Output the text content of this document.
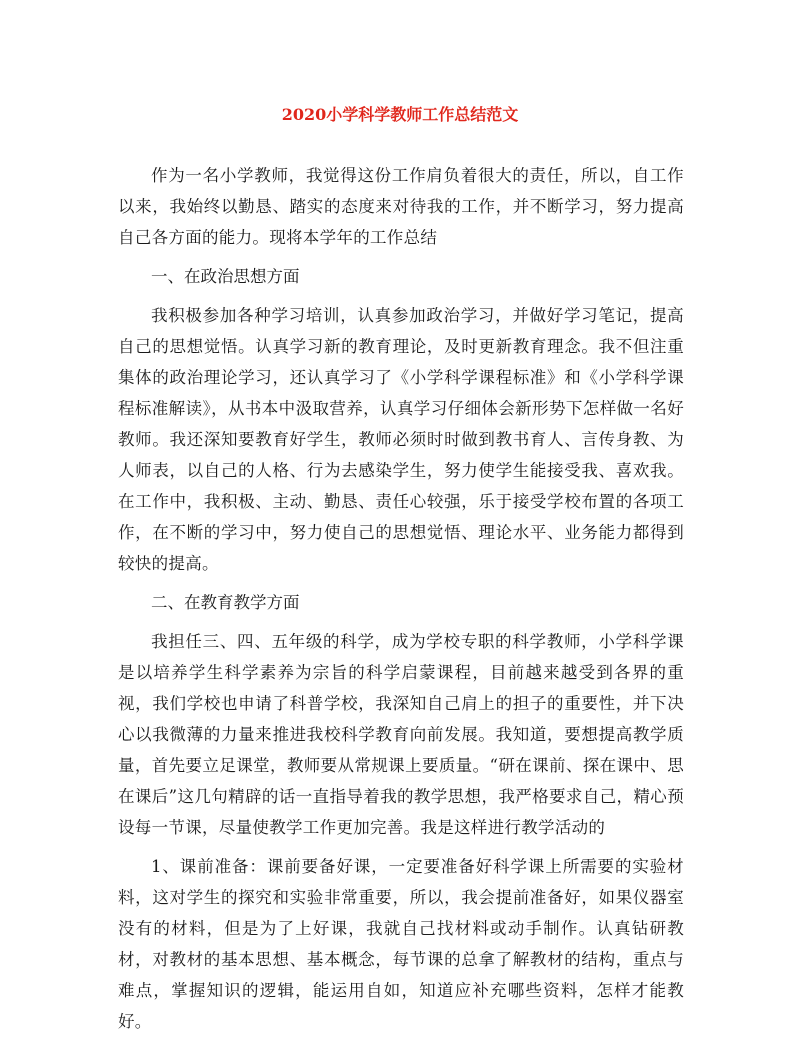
2020小学科学教师工作总结范文

作为一名小学教师，我觉得这份工作肩负着很大的责任，所以，自工作以来，我始终以勤恳、踏实的态度来对待我的工作，并不断学习，努力提高自己各方面的能力。现将本学年的工作总结

一、在政治思想方面

我积极参加各种学习培训，认真参加政治学习，并做好学习笔记，提高自己的思想觉悟。认真学习新的教育理论，及时更新教育理念。我不但注重集体的政治理论学习，还认真学习了《小学科学课程标准》和《小学科学课程标准解读》，从书本中汲取营养，认真学习仔细体会新形势下怎样做一名好教师。我还深知要教育好学生，教师必须时时做到教书育人、言传身教、为人师表，以自己的人格、行为去感染学生，努力使学生能接受我、喜欢我。在工作中，我积极、主动、勤恳、责任心较强，乐于接受学校布置的各项工作，在不断的学习中，努力使自己的思想觉悟、理论水平、业务能力都得到较快的提高。

二、在教育教学方面

我担任三、四、五年级的科学，成为学校专职的科学教师，小学科学课是以培养学生科学素养为宗旨的科学启蒙课程，目前越来越受到各界的重视，我们学校也申请了科普学校，我深知自己肩上的担子的重要性，并下决心以我微薄的力量来推进我校科学教育向前发展。我知道，要想提高教学质量，首先要立足课堂，教师要从常规课上要质量。“研在课前、探在课中、思在课后”这几句精辟的话一直指导着我的教学思想，我严格要求自己，精心预设每一节课，尽量使教学工作更加完善。我是这样进行教学活动的

1、课前准备：课前要备好课，一定要准备好科学课上所需要的实验材料，这对学生的探究和实验非常重要，所以，我会提前准备好，如果仪器室没有的材料，但是为了上好课，我就自己找材料或动手制作。认真钻研教材，对教材的基本思想、基本概念，每节课的总拿了解教材的结构，重点与难点，掌握知识的逻辑，能运用自如，知道应补充哪些资料，怎样才能教好。
